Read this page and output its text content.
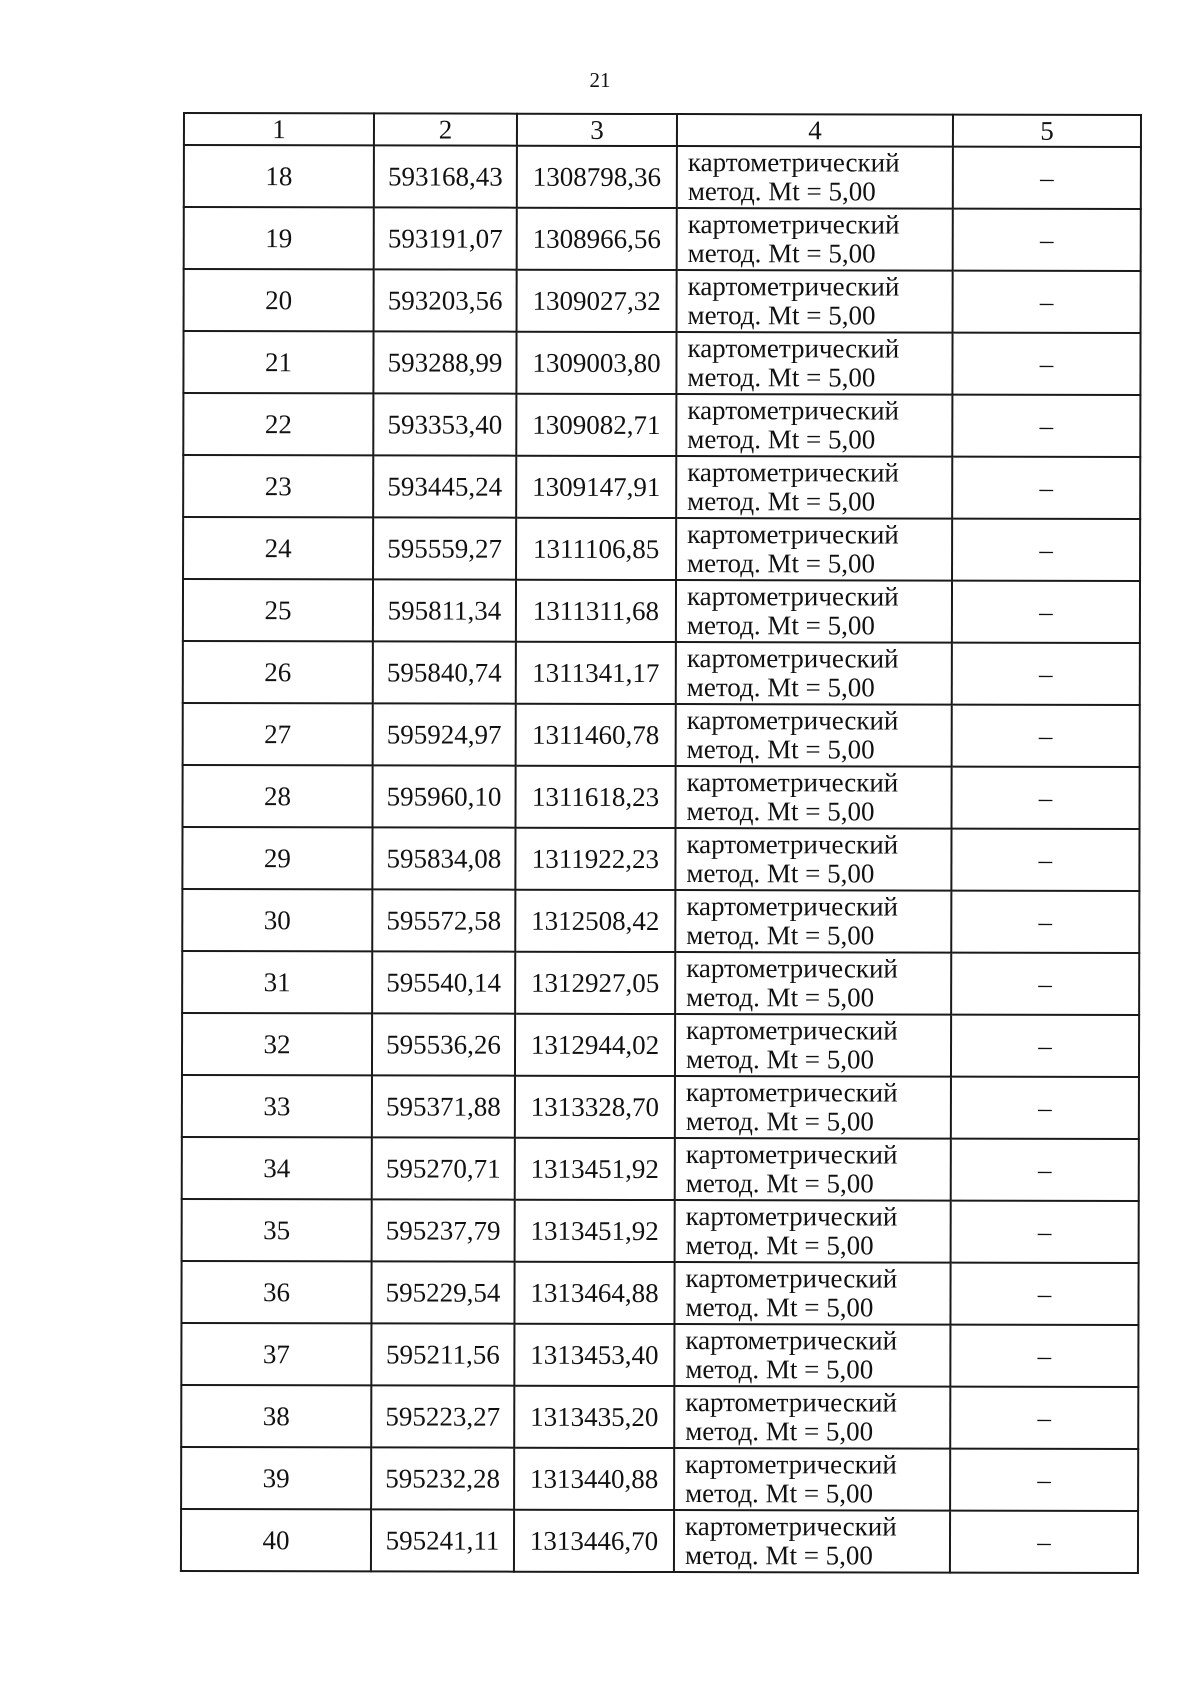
21
1	2	3	4	5
18	593168,43	1308798,36	картометрический
метод. Mt = 5,00	–
19	593191,07	1308966,56	картометрический
метод. Mt = 5,00	–
20	593203,56	1309027,32	картометрический
метод. Mt = 5,00	–
21	593288,99	1309003,80	картометрический
метод. Mt = 5,00	–
22	593353,40	1309082,71	картометрический
метод. Mt = 5,00	–
23	593445,24	1309147,91	картометрический
метод. Mt = 5,00	–
24	595559,27	1311106,85	картометрический
метод. Mt = 5,00	–
25	595811,34	1311311,68	картометрический
метод. Mt = 5,00	–
26	595840,74	1311341,17	картометрический
метод. Mt = 5,00	–
27	595924,97	1311460,78	картометрический
метод. Mt = 5,00	–
28	595960,10	1311618,23	картометрический
метод. Mt = 5,00	–
29	595834,08	1311922,23	картометрический
метод. Mt = 5,00	–
30	595572,58	1312508,42	картометрический
метод. Mt = 5,00	–
31	595540,14	1312927,05	картометрический
метод. Mt = 5,00	–
32	595536,26	1312944,02	картометрический
метод. Mt = 5,00	–
33	595371,88	1313328,70	картометрический
метод. Mt = 5,00	–
34	595270,71	1313451,92	картометрический
метод. Mt = 5,00	–
35	595237,79	1313451,92	картометрический
метод. Mt = 5,00	–
36	595229,54	1313464,88	картометрический
метод. Mt = 5,00	–
37	595211,56	1313453,40	картометрический
метод. Mt = 5,00	–
38	595223,27	1313435,20	картометрический
метод. Mt = 5,00	–
39	595232,28	1313440,88	картометрический
метод. Mt = 5,00	–
40	595241,11	1313446,70	картометрический
метод. Mt = 5,00	–
